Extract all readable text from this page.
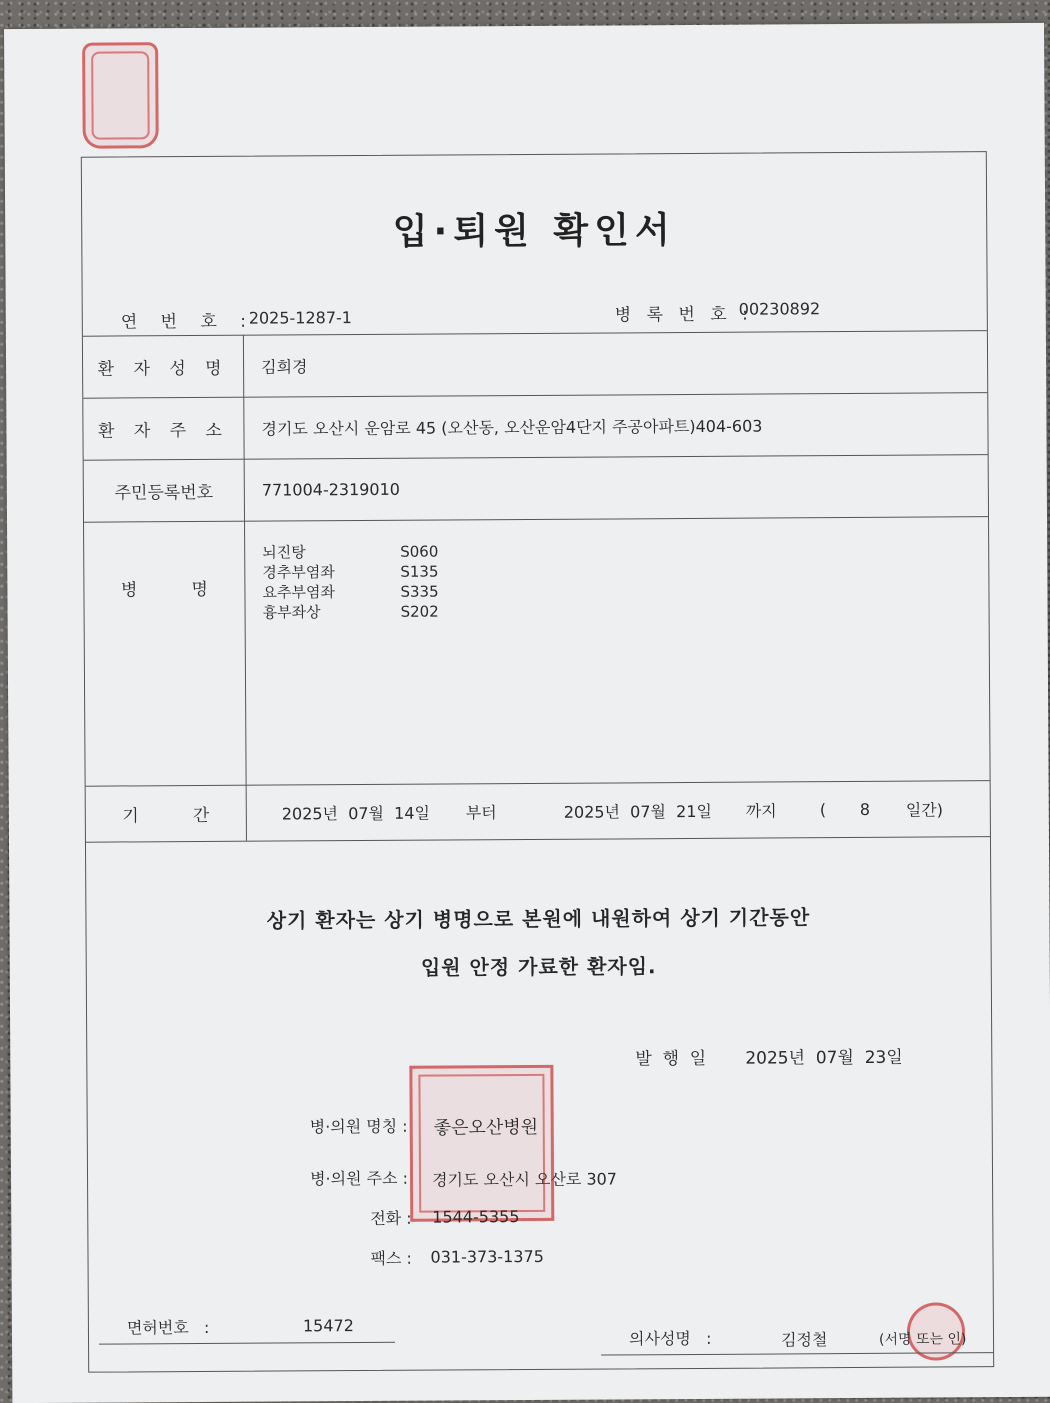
입·퇴원 확인서
연 번 호 :
2025-1287-1	병 록 번 호 :
00230892
환 자 성 명	김희경
환 자 주 소	경기도 오산시 운암로 45 (오산동, 오산운암4단지 주공아파트)404-603
주민등록번호	771004-2319010
병          명
뇌진탕	S060
경추부염좌	S135
요추부염좌	S335
흉부좌상	S202
기          간	2025년  07월  14일 부터	2025년  07월  21일 까지	( 8 일간)
상기 환자는 상기 병명으로 본원에 내원하여 상기 기간동안
입원 안정 가료한 환자임.
발  행  일 2025년  07월  23일
병·의원 명칭 : 좋은오산병원
병·의원 주소 : 경기도 오산시 오산로 307
전화 : 1544-5355
팩스 : 031-373-1375
면허번호   :	15472
의사성명   :	김정철	(서명 또는 인)
